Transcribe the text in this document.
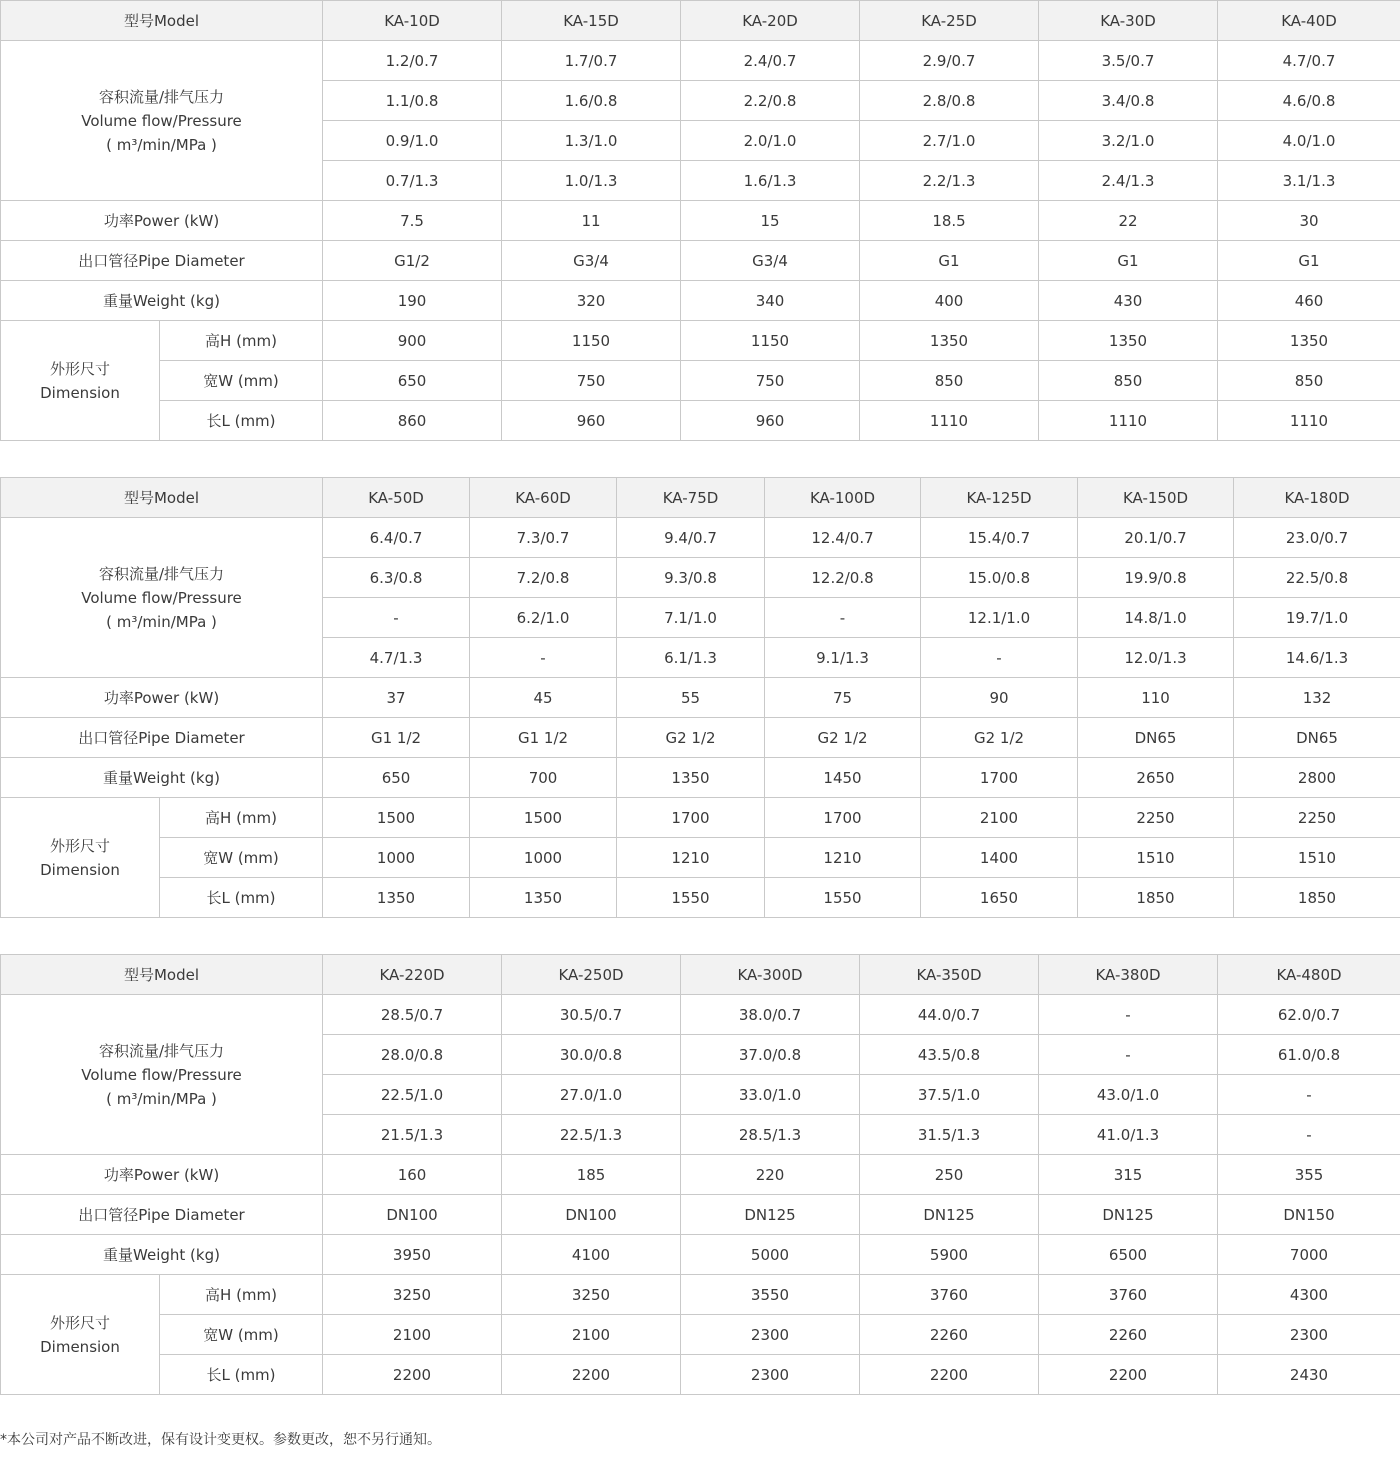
型号Model		KA-10D	KA-15D	KA-20D	KA-25D	KA-30D	KA-40D

容积流量/排气压力
Volume flow/Pressure
( m³/min/MPa )		1.2/0.7	1.7/0.7	2.4/0.7	2.9/0.7	3.5/0.7	4.7/0.7
		1.1/0.8	1.6/0.8	2.2/0.8	2.8/0.8	3.4/0.8	4.6/0.8
		0.9/1.0	1.3/1.0	2.0/1.0	2.7/1.0	3.2/1.0	4.0/1.0
		0.7/1.3	1.0/1.3	1.6/1.3	2.2/1.3	2.4/1.3	3.1/1.3
功率Power (kW)		7.5	11	15	18.5	22	30
出口管径Pipe Diameter		G1/2	G3/4	G3/4	G1	G1	G1
重量Weight (kg)		190	320	340	400	430	460

外形尺寸
Dimension	高H (mm)	900	1150	1150	1350	1350	1350
	宽W (mm)	650	750	750	850	850	850
	长L (mm)	860	960	960	1110	1110	1110
型号Model		KA-50D	KA-60D	KA-75D	KA-100D	KA-125D	KA-150D	KA-180D

容积流量/排气压力
Volume flow/Pressure
( m³/min/MPa )		6.4/0.7	7.3/0.7	9.4/0.7	12.4/0.7	15.4/0.7	20.1/0.7	23.0/0.7
		6.3/0.8	7.2/0.8	9.3/0.8	12.2/0.8	15.0/0.8	19.9/0.8	22.5/0.8
		-	6.2/1.0	7.1/1.0	-	12.1/1.0	14.8/1.0	19.7/1.0
		4.7/1.3	-	6.1/1.3	9.1/1.3	-	12.0/1.3	14.6/1.3
功率Power (kW)		37	45	55	75	90	110	132
出口管径Pipe Diameter		G1 1/2	G1 1/2	G2 1/2	G2 1/2	G2 1/2	DN65	DN65
重量Weight (kg)		650	700	1350	1450	1700	2650	2800

外形尺寸
Dimension	高H (mm)	1500	1500	1700	1700	2100	2250	2250
	宽W (mm)	1000	1000	1210	1210	1400	1510	1510
	长L (mm)	1350	1350	1550	1550	1650	1850	1850
型号Model		KA-220D	KA-250D	KA-300D	KA-350D	KA-380D	KA-480D

容积流量/排气压力
Volume flow/Pressure
( m³/min/MPa )		28.5/0.7	30.5/0.7	38.0/0.7	44.0/0.7	-	62.0/0.7
		28.0/0.8	30.0/0.8	37.0/0.8	43.5/0.8	-	61.0/0.8
		22.5/1.0	27.0/1.0	33.0/1.0	37.5/1.0	43.0/1.0	-
		21.5/1.3	22.5/1.3	28.5/1.3	31.5/1.3	41.0/1.3	-
功率Power (kW)		160	185	220	250	315	355
出口管径Pipe Diameter		DN100	DN100	DN125	DN125	DN125	DN150
重量Weight (kg)		3950	4100	5000	5900	6500	7000

外形尺寸
Dimension	高H (mm)	3250	3250	3550	3760	3760	4300
	宽W (mm)	2100	2100	2300	2260	2260	2300
	长L (mm)	2200	2200	2300	2200	2200	2430
*本公司对产品不断改进，保有设计变更权。参数更改，恕不另行通知。
